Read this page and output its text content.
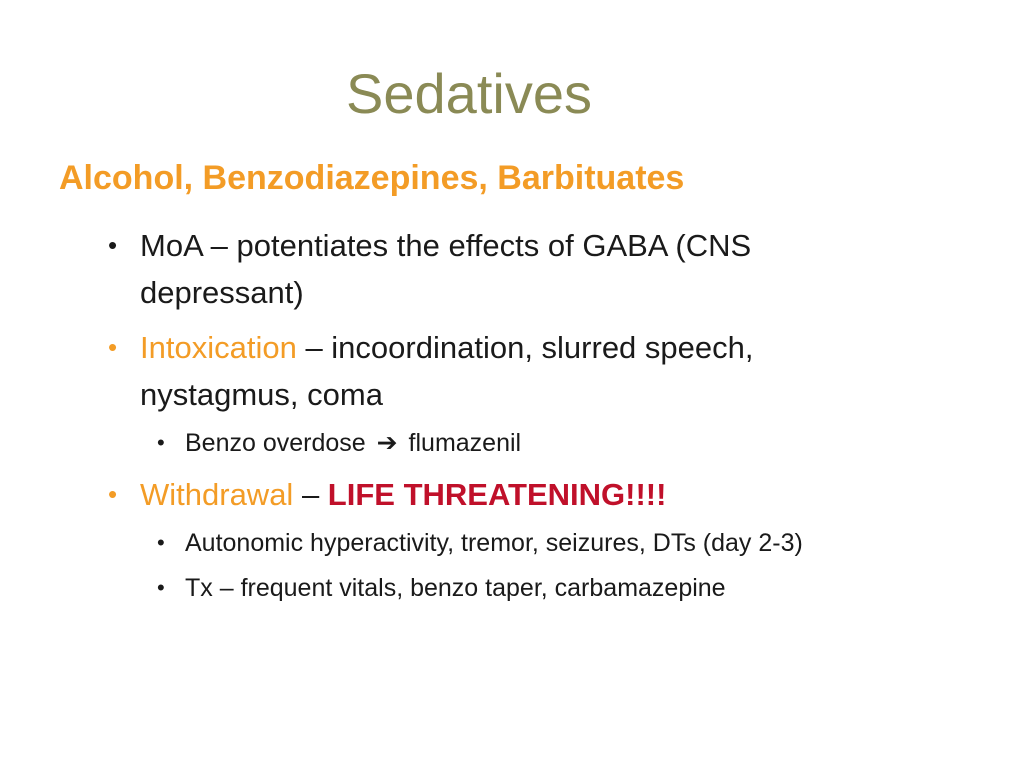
Sedatives
Alcohol, Benzodiazepines, Barbituates
• MoA – potentiates the effects of GABA (CNS depressant)
• Intoxication – incoordination, slurred speech, nystagmus, coma
• Benzo overdose ➔ flumazenil
• Withdrawal – LIFE THREATENING!!!!
• Autonomic hyperactivity, tremor, seizures, DTs (day 2-3)
• Tx – frequent vitals, benzo taper, carbamazepine
